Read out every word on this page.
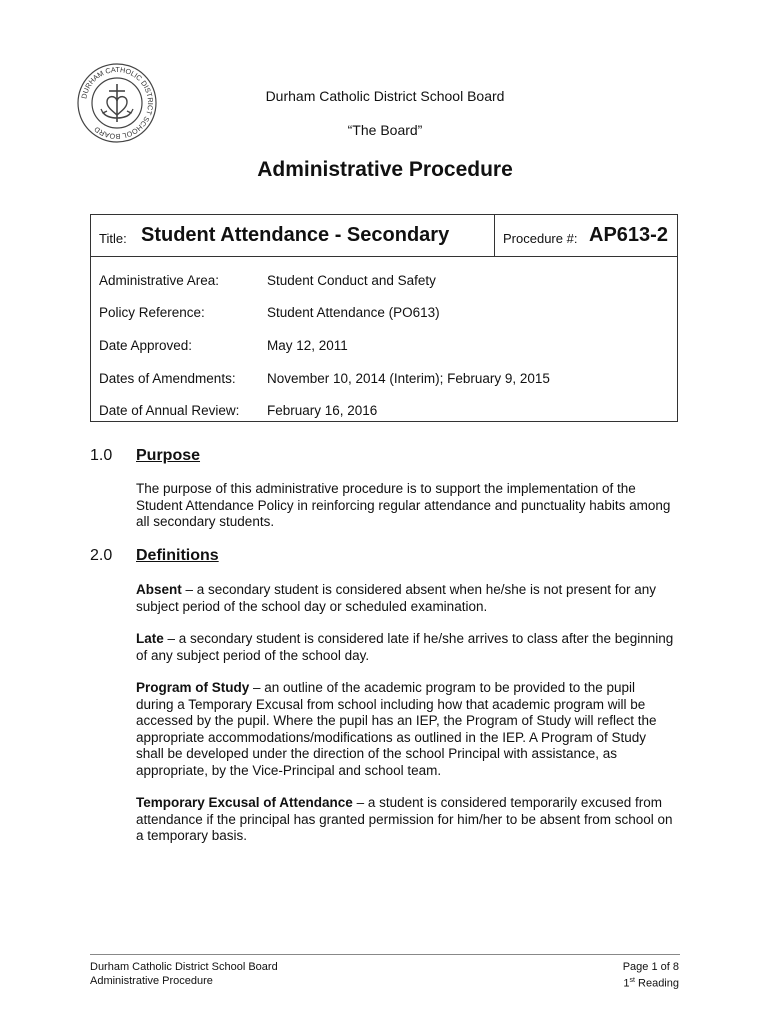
DURHAM CATHOLIC DISTRICT SCHOOL BOARD
Durham Catholic District School Board
“The Board”
Administrative Procedure
Title: Student Attendance - Secondary	Procedure #: AP613-2
Administrative Area:	Student Conduct and Safety
Policy Reference:	Student Attendance (PO613)
Date Approved:	May 12, 2011
Dates of Amendments: November 10, 2014 (Interim); February 9, 2015
Date of Annual Review: February 16, 2016
1.0 Purpose
The purpose of this administrative procedure is to support the implementation of the Student Attendance Policy in reinforcing regular attendance and punctuality habits among all secondary students.
2.0 Definitions
Absent – a secondary student is considered absent when he/she is not present for any subject period of the school day or scheduled examination.
Late – a secondary student is considered late if he/she arrives to class after the beginning of any subject period of the school day.
Program of Study – an outline of the academic program to be provided to the pupil during a Temporary Excusal from school including how that academic program will be accessed by the pupil. Where the pupil has an IEP, the Program of Study will reflect the appropriate accommodations/modifications as outlined in the IEP. A Program of Study shall be developed under the direction of the school Principal with assistance, as appropriate, by the Vice-Principal and school team.
Temporary Excusal of Attendance – a student is considered temporarily excused from attendance if the principal has granted permission for him/her to be absent from school on a temporary basis.
Durham Catholic District School Board
Administrative Procedure
Page 1 of 8
1st Reading
